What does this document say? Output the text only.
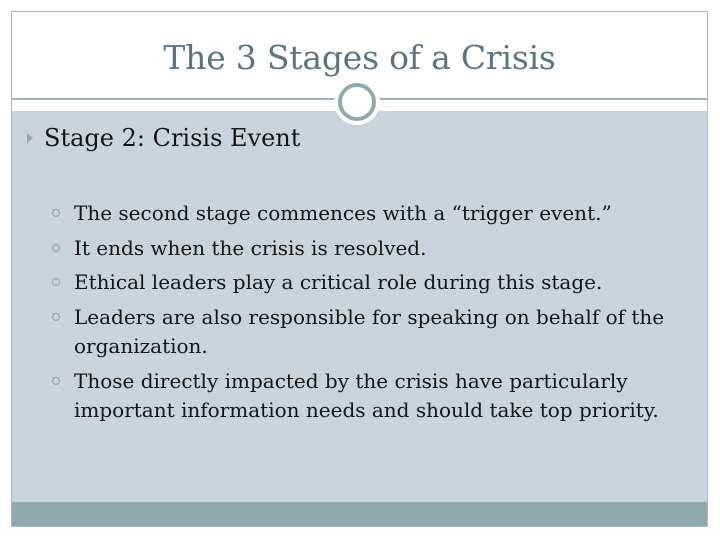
The 3 Stages of a Crisis
Stage 2: Crisis Event
The second stage commences with a “trigger event.”
It ends when the crisis is resolved.
Ethical leaders play a critical role during this stage.
Leaders are also responsible for speaking on behalf of the organization.
Those directly impacted by the crisis have particularly important information needs and should take top priority.
